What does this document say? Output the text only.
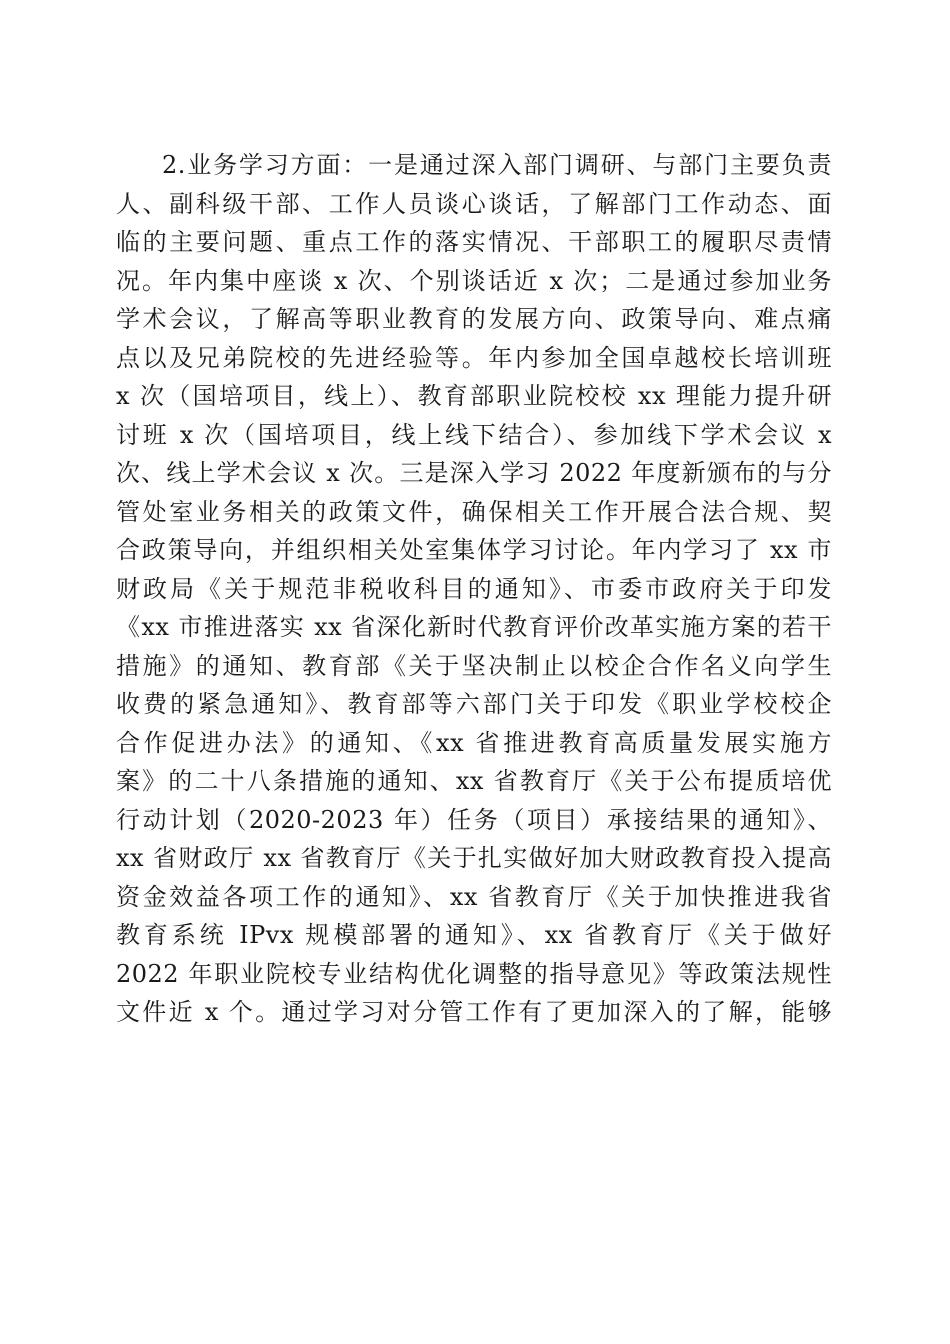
2.业务学习方面：一是通过深入部门调研、与部门主要负责
人、副科级干部、工作人员谈心谈话，了解部门工作动态、面
临的主要问题、重点工作的落实情况、干部职工的履职尽责情
况。年内集中座谈 x 次、个别谈话近 x 次；二是通过参加业务
学术会议，了解高等职业教育的发展方向、政策导向、难点痛
点以及兄弟院校的先进经验等。年内参加全国卓越校长培训班
x 次（国培项目，线上）、教育部职业院校校 xx 理能力提升研
讨班 x 次（国培项目，线上线下结合）、参加线下学术会议 x
次、线上学术会议 x 次。三是深入学习 2022 年度新颁布的与分
管处室业务相关的政策文件，确保相关工作开展合法合规、契
合政策导向，并组织相关处室集体学习讨论。年内学习了 xx 市
财政局《关于规范非税收科目的通知》、市委市政府关于印发
《xx 市推进落实 xx 省深化新时代教育评价改革实施方案的若干
措施》的通知、教育部《关于坚决制止以校企合作名义向学生
收费的紧急通知》、教育部等六部门关于印发《职业学校校企
合作促进办法》的通知、《xx 省推进教育高质量发展实施方
案》的二十八条措施的通知、xx 省教育厅《关于公布提质培优
行动计划（2020-2023 年）任务（项目）承接结果的通知》、
xx 省财政厅 xx 省教育厅《关于扎实做好加大财政教育投入提高
资金效益各项工作的通知》、xx 省教育厅《关于加快推进我省
教育系统 IPvx 规模部署的通知》、xx 省教育厅《关于做好
2022 年职业院校专业结构优化调整的指导意见》等政策法规性
文件近 x 个。通过学习对分管工作有了更加深入的了解，能够
